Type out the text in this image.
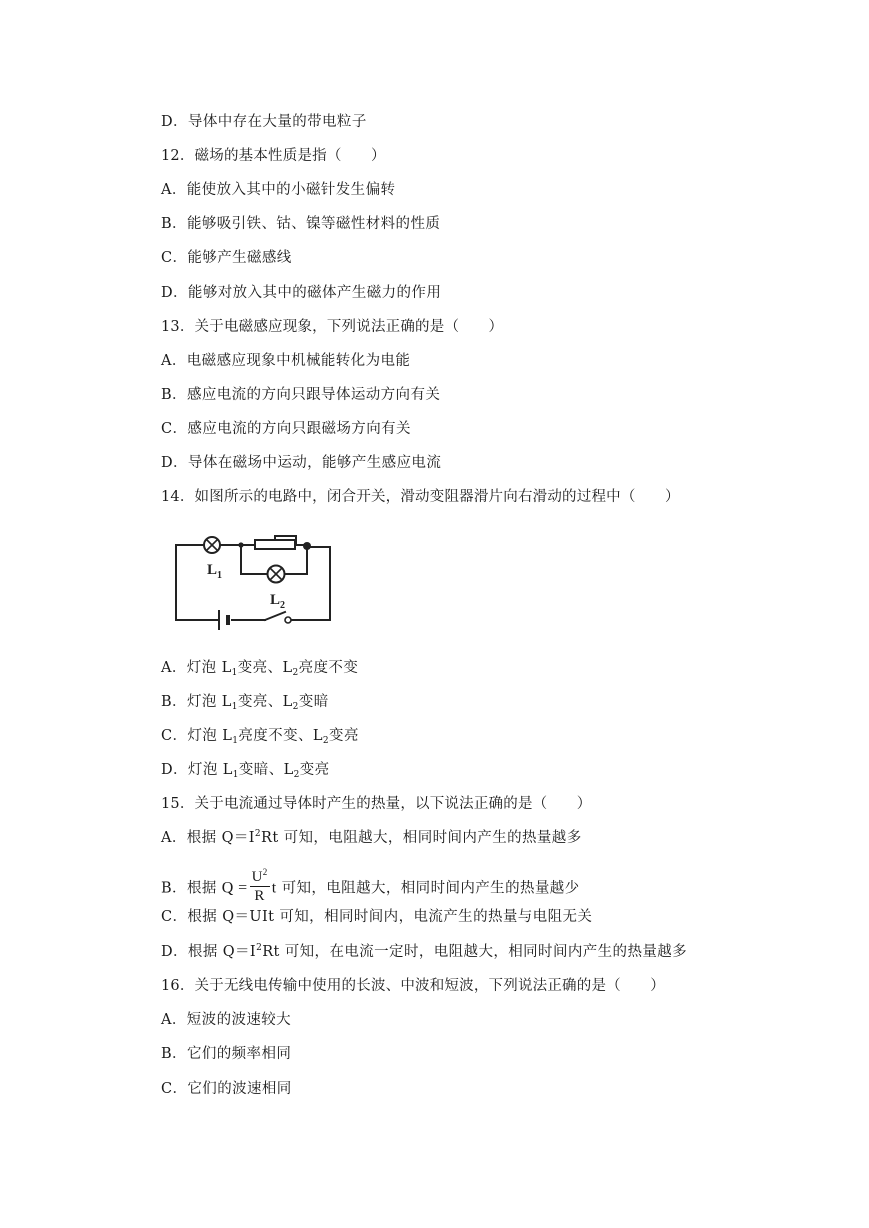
D．导体中存在大量的带电粒子
12．磁场的基本性质是指（　　）
A．能使放入其中的小磁针发生偏转
B．能够吸引铁、钴、镍等磁性材料的性质
C．能够产生磁感线
D．能够对放入其中的磁体产生磁力的作用
13．关于电磁感应现象，下列说法正确的是（　　）
A．电磁感应现象中机械能转化为电能
B．感应电流的方向只跟导体运动方向有关
C．感应电流的方向只跟磁场方向有关
D．导体在磁场中运动，能够产生感应电流
14．如图所示的电路中，闭合开关，滑动变阻器滑片向右滑动的过程中（　　）
L 1
L 2
A．灯泡 $L_1$变亮、$L_2$亮度不变
B．灯泡 $L_1$变亮、$L_2$变暗
C．灯泡 $L_1$亮度不变、$L_2$变亮
D．灯泡 $L_1$变暗、$L_2$变亮
15．关于电流通过导体时产生的热量，以下说法正确的是（　　）
A．根据 $Q=I^2Rt$ 可知，电阻越大，相同时间内产生的热量越多
B．根据 $Q = \frac{U^2}{R}$ t 可知，电阻越大，相同时间内产生的热量越少
C．根据 Q＝UIt 可知，相同时间内，电流产生的热量与电阻无关
D．根据 $Q=I^2Rt$ 可知，在电流一定时，电阻越大，相同时间内产生的热量越多
16．关于无线电传输中使用的长波、中波和短波，下列说法正确的是（　　）
A．短波的波速较大
B．它们的频率相同
C．它们的波速相同
